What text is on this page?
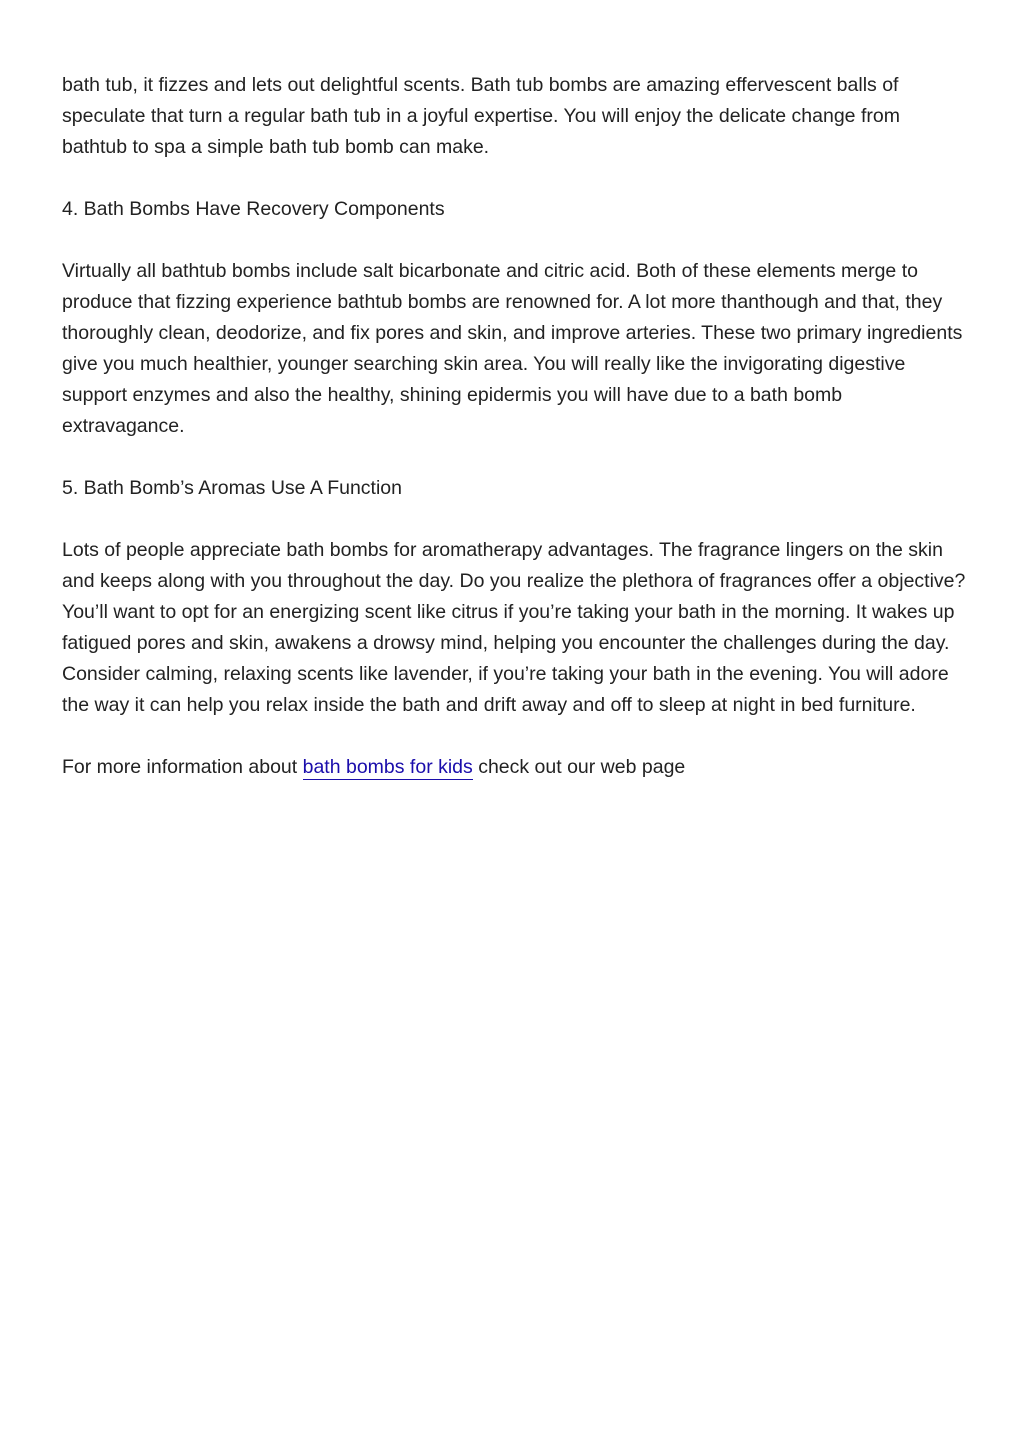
bath tub, it fizzes and lets out delightful scents. Bath tub bombs are amazing effervescent balls of speculate that turn a regular bath tub in a joyful expertise. You will enjoy the delicate change from bathtub to spa a simple bath tub bomb can make.

4. Bath Bombs Have Recovery Components

Virtually all bathtub bombs include salt bicarbonate and citric acid. Both of these elements merge to produce that fizzing experience bathtub bombs are renowned for. A lot more thanthough and that, they thoroughly clean, deodorize, and fix pores and skin, and improve arteries. These two primary ingredients give you much healthier, younger searching skin area. You will really like the invigorating digestive support enzymes and also the healthy, shining epidermis you will have due to a bath bomb extravagance.

5. Bath Bomb’s Aromas Use A Function

Lots of people appreciate bath bombs for aromatherapy advantages. The fragrance lingers on the skin and keeps along with you throughout the day. Do you realize the plethora of fragrances offer a objective? You’ll want to opt for an energizing scent like citrus if you’re taking your bath in the morning. It wakes up fatigued pores and skin, awakens a drowsy mind, helping you encounter the challenges during the day. Consider calming, relaxing scents like lavender, if you’re taking your bath in the evening. You will adore the way it can help you relax inside the bath and drift away and off to sleep at night in bed furniture.

For more information about bath bombs for kids check out our web page
